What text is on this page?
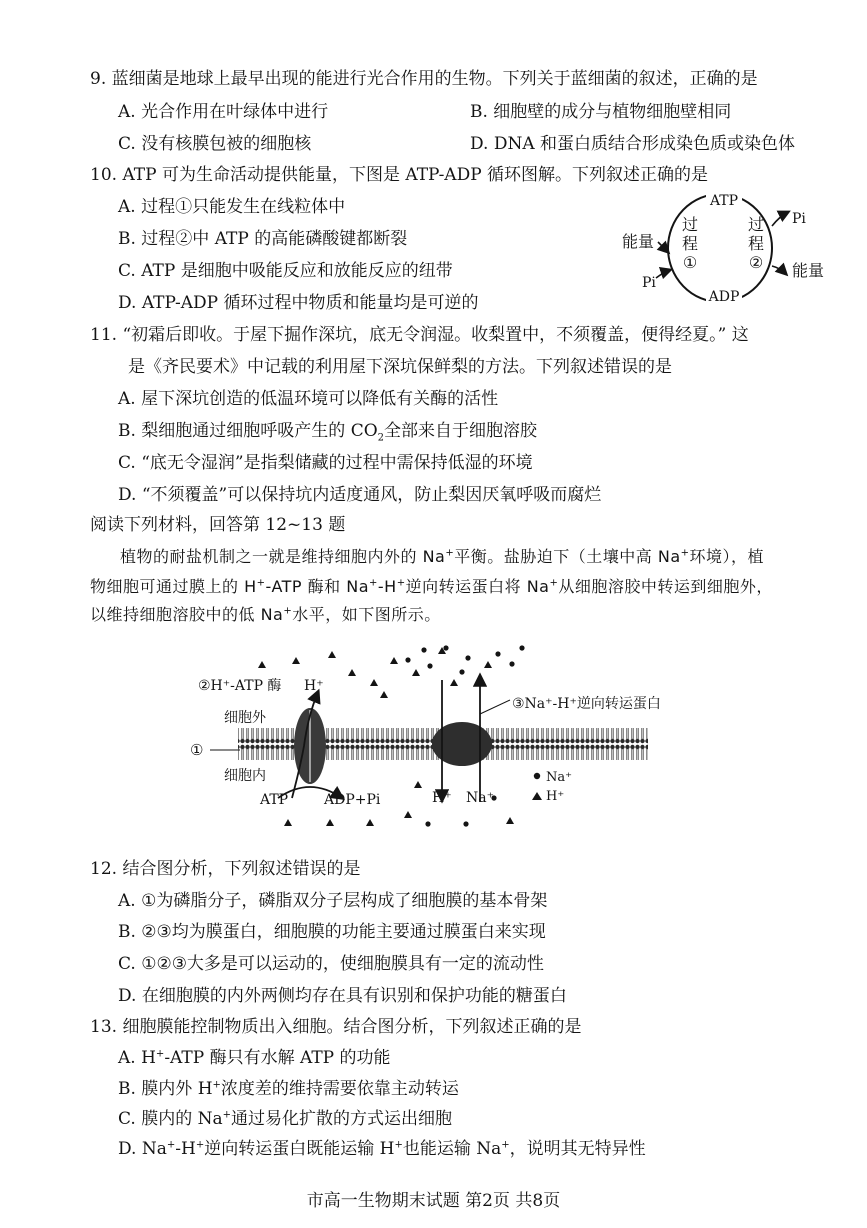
9. 蓝细菌是地球上最早出现的能进行光合作用的生物。下列关于蓝细菌的叙述，正确的是
A. 光合作用在叶绿体中进行	B. 细胞壁的成分与植物细胞壁相同
C. 没有核膜包被的细胞核	D. DNA 和蛋白质结合形成染色质或染色体
10. ATP 可为生命活动提供能量，下图是 ATP-ADP 循环图解。下列叙述正确的是
A. 过程①只能发生在线粒体中
B. 过程②中 ATP 的高能磷酸键都断裂
C. ATP 是细胞中吸能反应和放能反应的纽带
D. ATP-ADP 循环过程中物质和能量均是可逆的
ATP
ADP
Pi
Pi
能量
能量
过
程
①
过
程
②
11. “初霜后即收。于屋下掘作深坑，底无令润湿。收梨置中，不须覆盖，便得经夏。” 这
是《齐民要术》中记载的利用屋下深坑保鲜梨的方法。下列叙述错误的是
A. 屋下深坑创造的低温环境可以降低有关酶的活性
B. 梨细胞通过细胞呼吸产生的 $CO_2$全部来自于细胞溶胶
C. “底无令湿润”是指梨储藏的过程中需保持低湿的环境
D. “不须覆盖”可以保持坑内适度通风，防止梨因厌氧呼吸而腐烂
阅读下列材料，回答第 12~13 题
植物的耐盐机制之一就是维持细胞内外的 Na+平衡。盐胁迫下（土壤中高 Na+环境），植
物细胞可通过膜上的 H+-ATP 酶和 Na+-H+逆向转运蛋白将 Na+从细胞溶胶中转运到细胞外，
以维持细胞溶胶中的低 Na+水平，如下图所示。
②H⁺-ATP 酶 H⁺
③Na⁺-H⁺逆向转运蛋白
细胞外
细胞内
①
ATP	ADP+Pi	H⁺ Na⁺
Na⁺
H⁺
12. 结合图分析，下列叙述错误的是
A. ①为磷脂分子，磷脂双分子层构成了细胞膜的基本骨架
B. ②③均为膜蛋白，细胞膜的功能主要通过膜蛋白来实现
C. ①②③大多是可以运动的，使细胞膜具有一定的流动性
D. 在细胞膜的内外两侧均存在具有识别和保护功能的糖蛋白
13. 细胞膜能控制物质出入细胞。结合图分析，下列叙述正确的是
A. H+-ATP 酶只有水解 ATP 的功能
B. 膜内外 H+浓度差的维持需要依靠主动转运
C. 膜内的 Na+通过易化扩散的方式运出细胞
D. Na+-H+逆向转运蛋白既能运输 H+也能运输 Na+，说明其无特异性
市高一生物期末试题 第2页 共8页
